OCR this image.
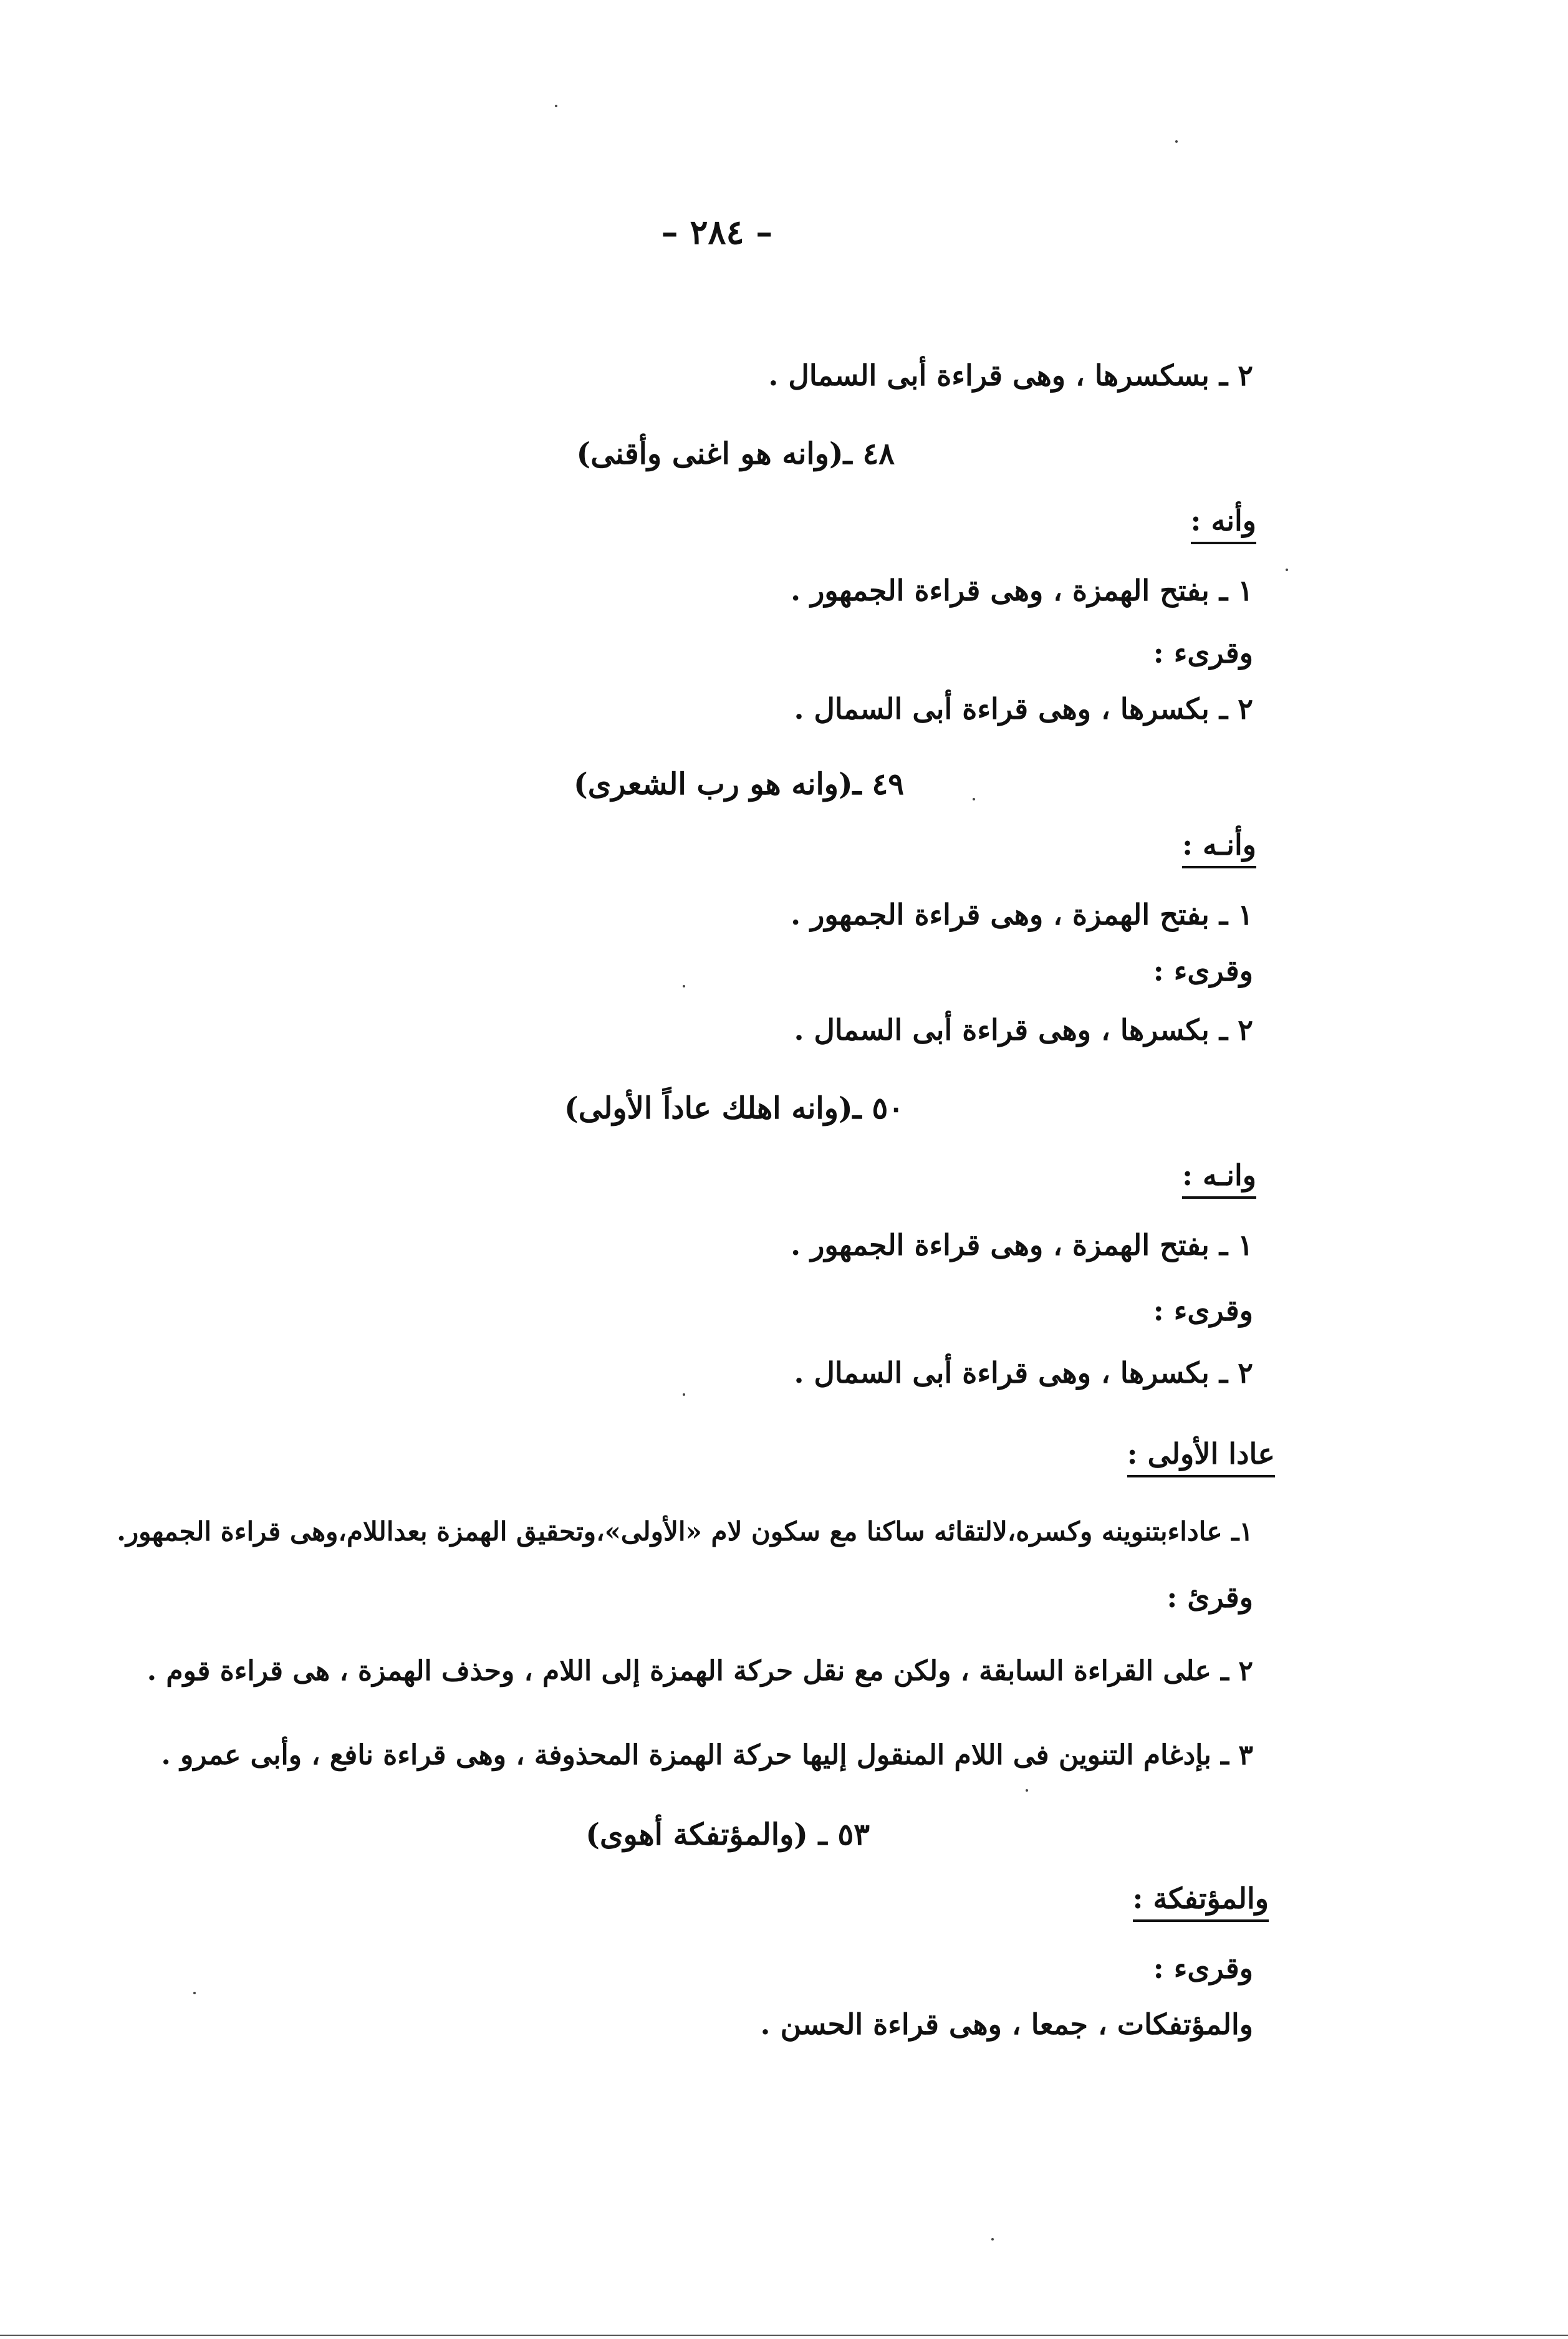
– ٢٨٤ –
٢ ـ بسكسرها ، وهى قراءة أبى السمال .
٤٨ ـ(وانه هو اغنى وأقنى)
وأنه :
١ ـ بفتح الهمزة ، وهى قراءة الجمهور .
وقرىء :
٢ ـ بكسرها ، وهى قراءة أبى السمال .
٤٩ ـ(وانه هو رب الشعرى)
وأنـه :
١ ـ بفتح الهمزة ، وهى قراءة الجمهور .
وقرىء :
٢ ـ بكسرها ، وهى قراءة أبى السمال .
٥٠ ـ(وانه اهلك عاداً الأولى)
وانـه :
١ ـ بفتح الهمزة ، وهى قراءة الجمهور .
وقرىء :
٢ ـ بكسرها ، وهى قراءة أبى السمال .
عادا الأولى :
١ـ عاداءبتنوينه وكسره،لالتقائه ساكنا مع سكون لام «الأولى»،وتحقيق الهمزة بعداللام،وهى قراءة الجمهور.
وقرئ :
٢ ـ على القراءة السابقة ، ولكن مع نقل حركة الهمزة إلى اللام ، وحذف الهمزة ، هى قراءة قوم .
٣ ـ بإدغام التنوين فى اللام المنقول إليها حركة الهمزة المحذوفة ، وهى قراءة نافع ، وأبى عمرو .
٥٣ ـ (والمؤتفكة أهوى)
والمؤتفكة :
وقرىء :
والمؤتفكات ، جمعا ، وهى قراءة الحسن .
